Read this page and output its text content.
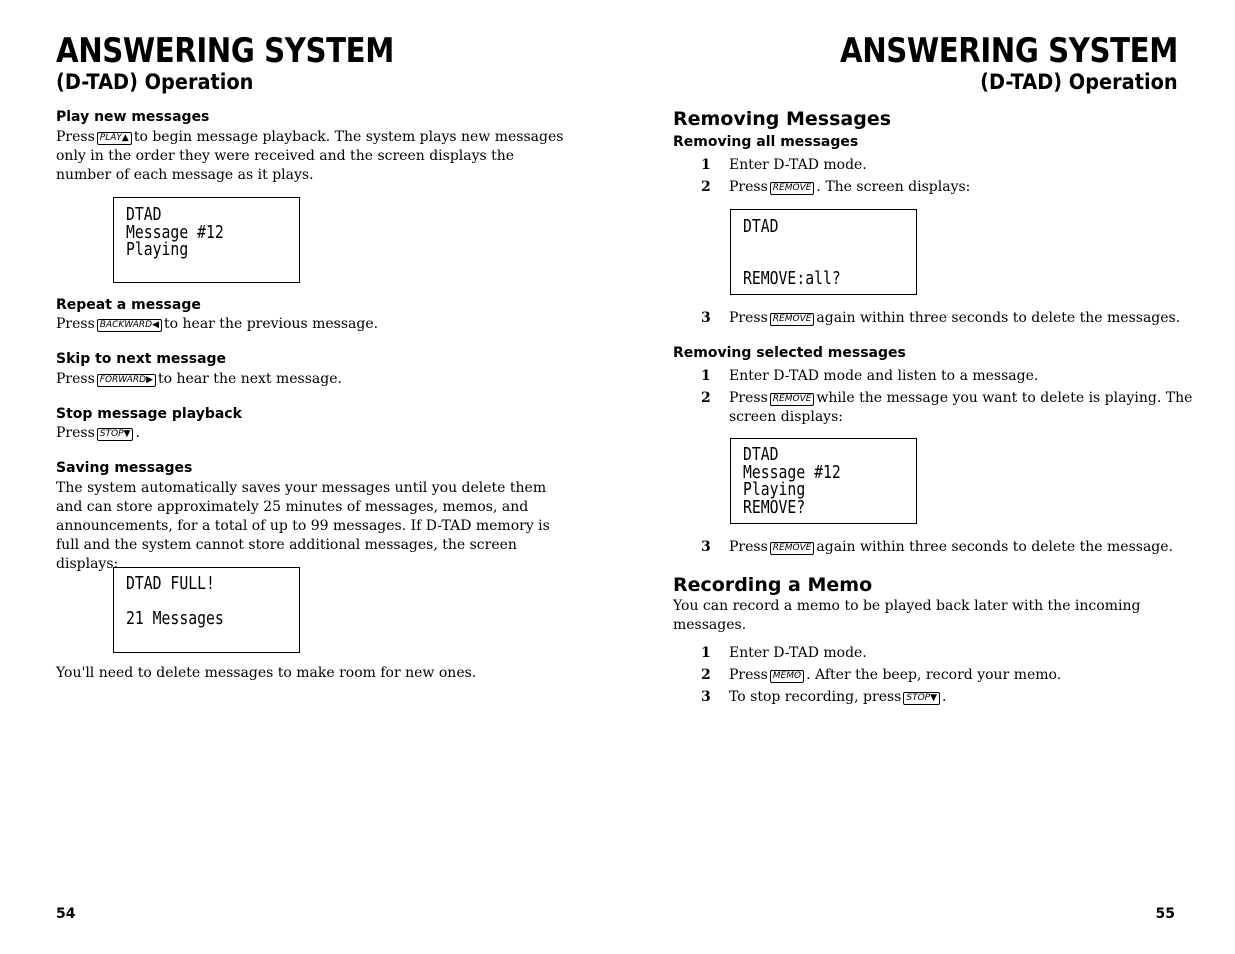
ANSWERING SYSTEM
(D-TAD) Operation
Play new messages

Press PLAY▲ to begin message playback. The system plays new messages only in the order they were received and the screen displays the number of each message as it plays.

DTAD
Message #12
Playing
Repeat a message

Press BACKWARD◀ to hear the previous message.

Skip to next message

Press FORWARD▶ to hear the next message.

Stop message playback

Press STOP▼ .

Saving messages

The system automatically saves your messages until you delete them and can store approximately 25 minutes of messages, memos, and announcements, for a total of up to 99 messages. If D-TAD memory is full and the system cannot store additional messages, the screen displays:

DTAD FULL!
21 Messages

You'll need to delete messages to make room for new ones.

54
ANSWERING SYSTEM
(D-TAD) Operation
Removing Messages
Removing all messages
1 Enter D-TAD mode.
2 Press REMOVE . The screen displays:
DTAD
REMOVE:all?
3 Press REMOVE again within three seconds to delete the messages.
Removing selected messages
1 Enter D-TAD mode and listen to a message.
2 Press REMOVE while the message you want to delete is playing. The
screen displays:
DTAD
Message #12
Playing
REMOVE?
3 Press REMOVE again within three seconds to delete the message.
Recording a Memo

You can record a memo to be played back later with the incoming messages.

1 Enter D-TAD mode.
2 Press MEMO . After the beep, record your memo.
3 To stop recording, press STOP▼ .
55
